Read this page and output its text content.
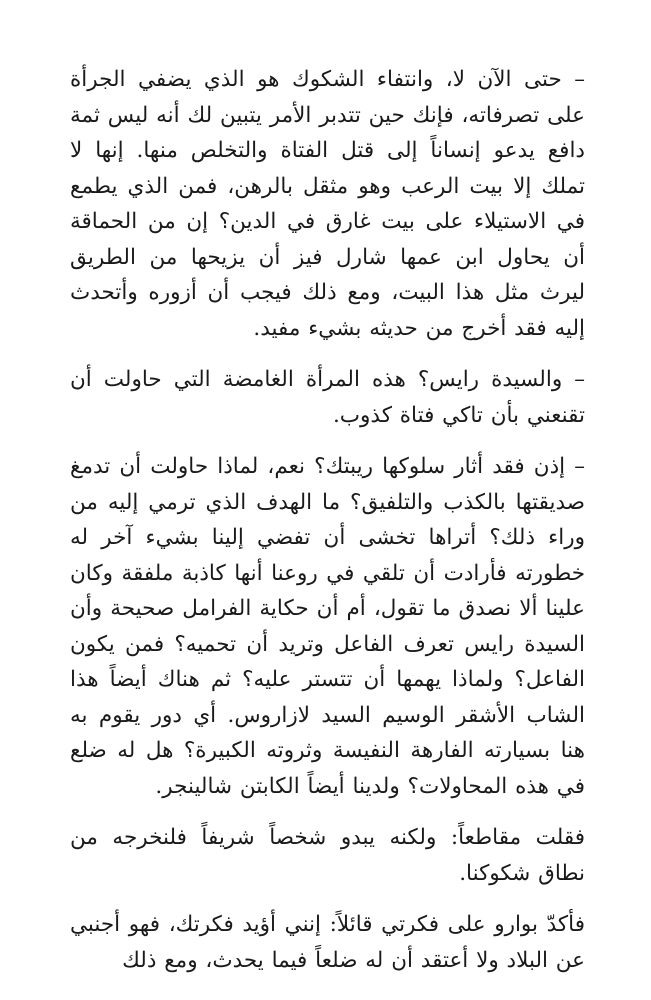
– حتى الآن لا، وانتفاء الشكوك هو الذي يضفي الجرأة على تصرفاته، فإنك حين تتدبر الأمر يتبين لك أنه ليس ثمة دافع يدعو إنساناً إلى قتل الفتاة والتخلص منها. إنها لا تملك إلا بيت الرعب وهو مثقل بالرهن، فمن الذي يطمع في الاستيلاء على بيت غارق في الدين؟ إن من الحماقة أن يحاول ابن عمها شارل فيز أن يزيحها من الطريق ليرث مثل هذا البيت، ومع ذلك فيجب أن أزوره وأتحدث إليه فقد أخرج من حديثه بشيء مفيد.

– والسيدة رايس؟ هذه المرأة الغامضة التي حاولت أن تقنعني بأن تاكي فتاة كذوب.

– إذن فقد أثار سلوكها ريبتك؟ نعم، لماذا حاولت أن تدمغ صديقتها بالكذب والتلفيق؟ ما الهدف الذي ترمي إليه من وراء ذلك؟ أتراها تخشى أن تفضي إلينا بشيء آخر له خطورته فأرادت أن تلقي في روعنا أنها كاذبة ملفقة وكان علينا ألا نصدق ما تقول، أم أن حكاية الفرامل صحيحة وأن السيدة رايس تعرف الفاعل وتريد أن تحميه؟ فمن يكون الفاعل؟ ولماذا يهمها أن تتستر عليه؟ ثم هناك أيضاً هذا الشاب الأشقر الوسيم السيد لازاروس. أي دور يقوم به هنا بسيارته الفارهة النفيسة وثروته الكبيرة؟ هل له ضلع في هذه المحاولات؟ ولدينا أيضاً الكابتن شالينجر.

فقلت مقاطعاً: ولكنه يبدو شخصاً شريفاً فلنخرجه من نطاق شكوكنا.

فأكدّ بوارو على فكرتي قائلاً: إنني أؤيد فكرتك، فهو أجنبي عن البلاد ولا أعتقد أن له ضلعاً فيما يحدث، ومع ذلك
